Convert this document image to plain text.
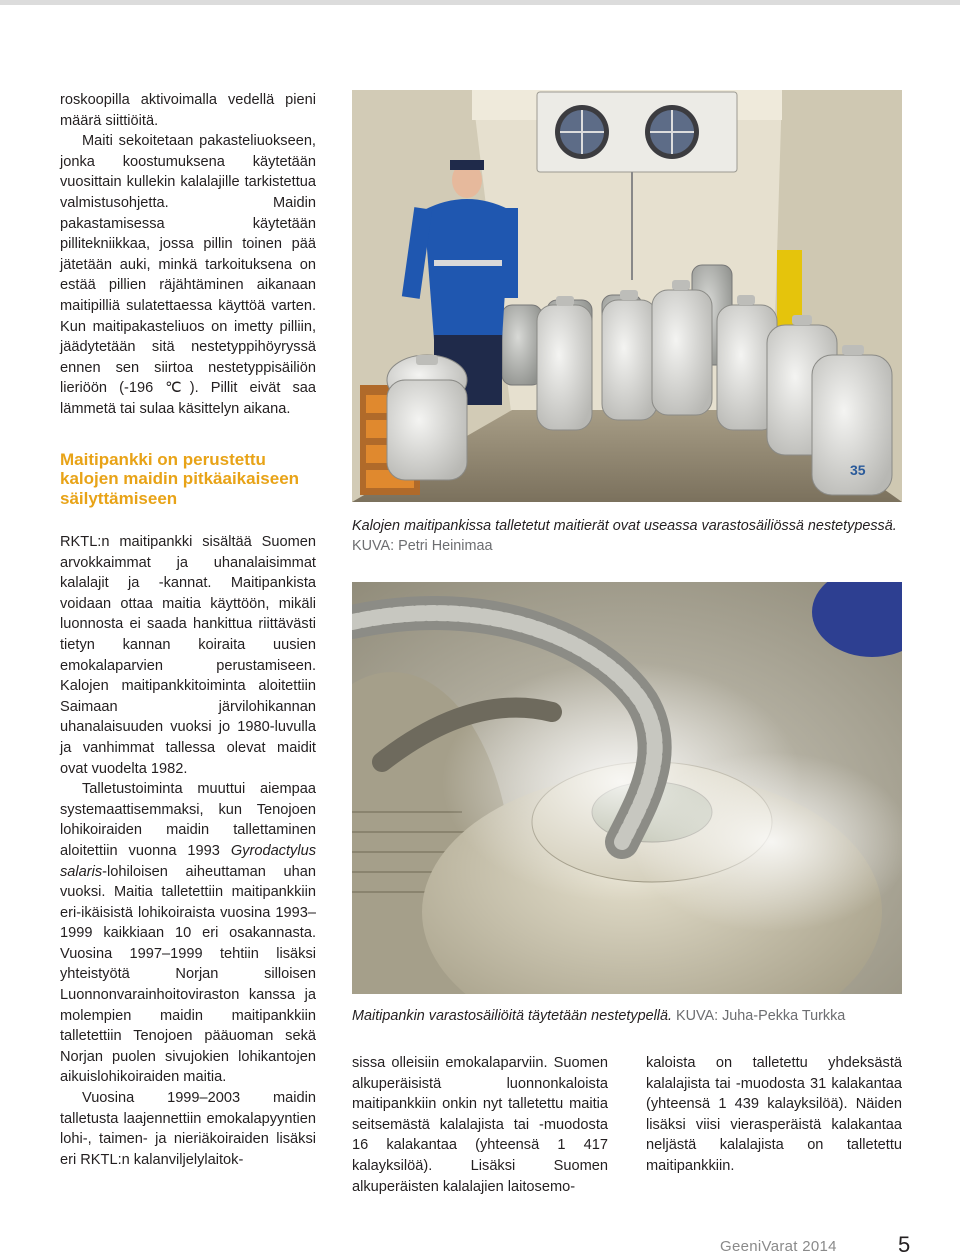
roskoopilla aktivoimalla vedellä pieni määrä siittiöitä.

Maiti sekoitetaan pakasteliuokseen, jonka koostumuksena käytetään vuosittain kullekin kalalajille tarkistettua valmistusohjetta. Maidin pakastamisessa käytetään pillitekniikkaa, jossa pillin toinen pää jätetään auki, minkä tarkoituksena on estää pillien räjähtäminen aikanaan maitipilliä sulatettaessa käyttöä varten. Kun maitipakasteliuos on imetty pilliin, jäädytetään sitä nestetyppihöyryssä ennen sen siirtoa nestetyppisäiliön lieriöön (-196 ℃). Pillit eivät saa lämmetä tai sulaa käsittelyn aikana.

Maitipankki on perustettu kalojen maidin pitkäaikaiseen säilyttämiseen

RKTL:n maitipankki sisältää Suomen arvokkaimmat ja uhanalaisimmat kalalajit ja -kannat. Maitipankista voidaan ottaa maitia käyttöön, mikäli luonnosta ei saada hankittua riittävästi tietyn kannan koiraita uusien emokalaparvien perustamiseen. Kalojen maitipankkitoiminta aloitettiin Saimaan järvilohikannan uhanalaisuuden vuoksi jo 1980-luvulla ja vanhimmat tallessa olevat maidit ovat vuodelta 1982.

Talletustoiminta muuttui aiempaa systemaattisemmaksi, kun Tenojoen lohikoiraiden maidin tallettaminen aloitettiin vuonna 1993 Gyrodactylus salaris-lohiloisen aiheuttaman uhan vuoksi. Maitia talletettiin maitipankkiin eri-ikäisistä lohikoiraista vuosina 1993–1999 kaikkiaan 10 eri osakannasta. Vuosina 1997–1999 tehtiin lisäksi yhteistyötä Norjan silloisen Luonnonvarainhoitoviraston kanssa ja molempien maidin maitipankkiin talletettiin Tenojoen pääuoman sekä Norjan puolen sivujokien lohikantojen aikuislohikoiraiden maitia.

Vuosina 1999–2003 maidin talletusta laajennettiin emokalapyyntien lohi-, taimen- ja nieriäkoiraiden lisäksi eri RKTL:n kalanviljelylaitok-

35
Kalojen maitipankissa talletetut maitierät ovat useassa varastosäiliössä nestetypessä. KUVA: Petri Heinimaa
Maitipankin varastosäiliöitä täytetään nestetypellä. KUVA: Juha-Pekka Turkka

sissa olleisiin emokalaparviin. Suomen alkuperäisistä luonnonkaloista maitipankkiin onkin nyt talletettu maitia seitsemästä kalalajista tai -muodosta 16 kalakantaa (yhteensä 1 417 kalayksilöä). Lisäksi Suomen alkuperäisten kalalajien laitosemo-

kaloista on talletettu yhdeksästä kalalajista tai -muodosta 31 kalakantaa (yhteensä 1 439 kalayksilöä). Näiden lisäksi viisi vierasperäistä kalakantaa neljästä kalalajista on talletettu maitipankkiin.

GeeniVarat 2014	5
